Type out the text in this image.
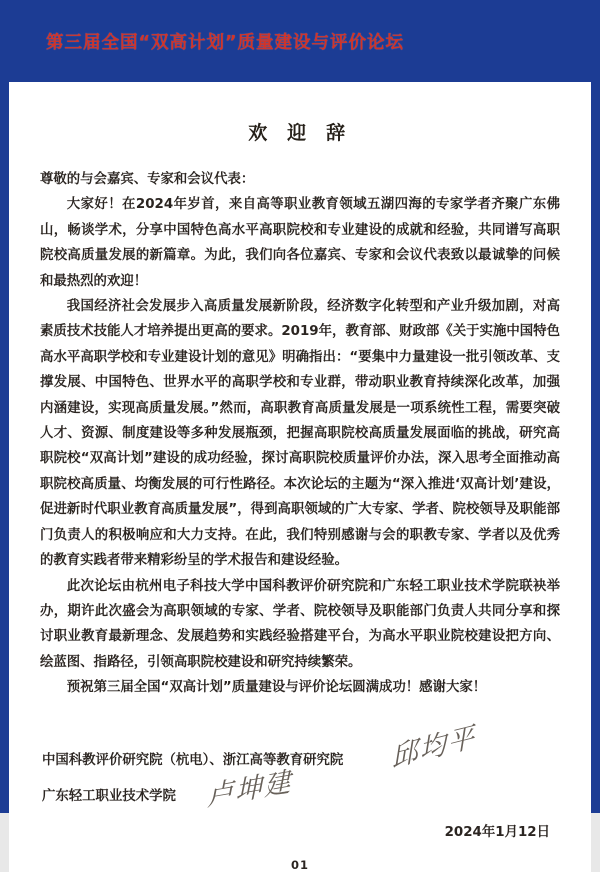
第三届全国“双高计划”质量建设与评价论坛
欢 迎 辞

尊敬的与会嘉宾、专家和会议代表：

大家好！在2024年岁首，来自高等职业教育领域五湖四海的专家学者齐聚广东佛山，畅谈学术，分享中国特色高水平高职院校和专业建设的成就和经验，共同谱写高职院校高质量发展的新篇章。为此，我们向各位嘉宾、专家和会议代表致以最诚挚的问候和最热烈的欢迎！

我国经济社会发展步入高质量发展新阶段，经济数字化转型和产业升级加剧，对高素质技术技能人才培养提出更高的要求。2019年，教育部、财政部《关于实施中国特色高水平高职学校和专业建设计划的意见》明确指出：“要集中力量建设一批引领改革、支撑发展、中国特色、世界水平的高职学校和专业群，带动职业教育持续深化改革，加强内涵建设，实现高质量发展。”然而，高职教育高质量发展是一项系统性工程，需要突破人才、资源、制度建设等多种发展瓶颈，把握高职院校高质量发展面临的挑战，研究高职院校“双高计划”建设的成功经验，探讨高职院校质量评价办法，深入思考全面推动高职院校高质量、均衡发展的可行性路径。本次论坛的主题为“深入推进‘双高计划’建设，促进新时代职业教育高质量发展”，得到高职领域的广大专家、学者、院校领导及职能部门负责人的积极响应和大力支持。在此，我们特别感谢与会的职教专家、学者以及优秀的教育实践者带来精彩纷呈的学术报告和建设经验。

此次论坛由杭州电子科技大学中国科教评价研究院和广东轻工职业技术学院联袂举办，期许此次盛会为高职领域的专家、学者、院校领导及职能部门负责人共同分享和探讨职业教育最新理念、发展趋势和实践经验搭建平台，为高水平职业院校建设把方向、绘蓝图、指路径，引领高职院校建设和研究持续繁荣。

预祝第三届全国“双高计划”质量建设与评价论坛圆满成功！感谢大家！

中国科教评价研究院（杭电）、浙江高等教育研究院 邱均平
广东轻工职业技术学院 卢坤建
2024年1月12日
01
